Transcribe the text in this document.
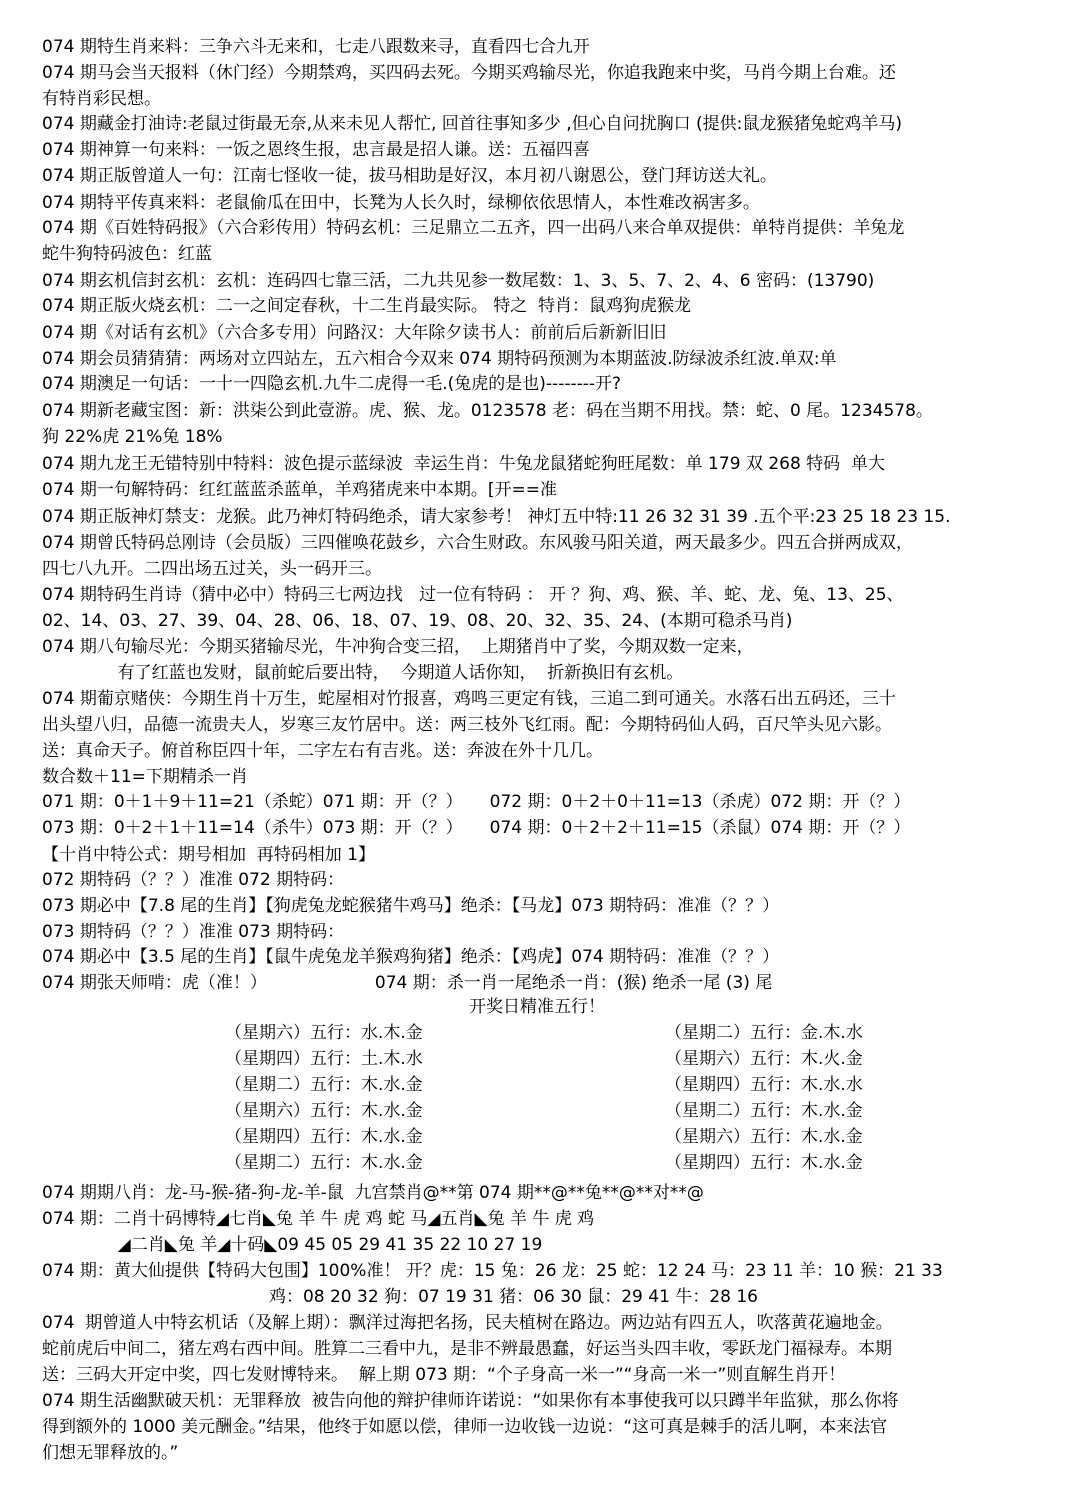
074 期特生肖来料：三争六斗无来和，七走八跟数来寻，直看四七合九开
074 期马会当天报料（休门经）今期禁鸡，买四码去死。今期买鸡输尽光，你追我跑来中奖，马肖今期上台难。还
有特肖彩民想。
074 期藏金打油诗:老鼠过街最无奈,从来未见人帮忙, 回首往事知多少 ,但心自问扰胸口 (提供:鼠龙猴猪兔蛇鸡羊马)
074 期神算一句来料：一饭之恩终生报，忠言最是招人谦。送：五福四喜
074 期正版曾道人一句：江南七怪收一徒，拔马相助是好汉，本月初八谢恩公，登门拜访送大礼。
074 期特平传真来料：老鼠偷瓜在田中，长凳为人长久时，绿柳依依思情人，本性难改祸害多。
074 期《百姓特码报》（六合彩传用）特码玄机：三足鼎立二五齐，四一出码八来合单双提供：单特肖提供：羊兔龙
蛇牛狗特码波色：红蓝
074 期玄机信封玄机：玄机：连码四七靠三活，二九共见参一数尾数：1、3、5、7、2、4、6 密码：(13790)
074 期正版火烧玄机：二一之间定春秋，十二生肖最实际。 特之  特肖：鼠鸡狗虎猴龙
074 期《对话有玄机》（六合多专用）问路汉：大年除夕读书人：前前后后新新旧旧
074 期会员猜猜猜：两场对立四站左，五六相合今双来 074 期特码预测为本期蓝波.防绿波杀红波.单双:单
074 期澳足一句话：一十一四隐玄机.九牛二虎得一毛.(兔虎的是也)--------开?
074 期新老藏宝图：新：洪柒公到此壹游。虎、猴、龙。0123578 老：码在当期不用找。禁：蛇、0 尾。1234578。
狗 22%虎 21%兔 18%
074 期九龙王无错特别中特料：波色提示蓝绿波  幸运生肖：牛兔龙鼠猪蛇狗旺尾数：单 179 双 268 特码  单大
074 期一句解特码：红红蓝蓝杀蓝单，羊鸡猪虎来中本期。[开==准
074 期正版神灯禁支：龙猴。此乃神灯特码绝杀，请大家参考！ 神灯五中特:11 26 32 31 39 .五个平:23 25 18 23 15.
074 期曾氏特码总刚诗（会员版）三四催唤花鼓乡，六合生财政。东风骏马阳关道，两天最多少。四五合拼两成双，
四七八九开。二四出场五过关，头一码开三。
074 期特码生肖诗（猜中必中）特码三七两边找   过一位有特码 ： 开 ？狗、鸡、猴、羊、蛇、龙、兔、13、25、
02、14、03、27、39、04、28、06、18、07、19、08、20、32、35、24、(本期可稳杀马肖)
074 期八句输尽光：今期买猪输尽光，牛冲狗合变三招，  上期猪肖中了奖，今期双数一定来，
有了红蓝也发财，鼠前蛇后要出特，  今期道人话你知，  折新换旧有玄机。
074 期葡京赌侠：今期生肖十万生，蛇屋相对竹报喜，鸡鸣三更定有钱，三追二到可通关。水落石出五码还，三十
出头望八归，品德一流贵夫人，岁寒三友竹居中。送：两三枝外飞红雨。配：今期特码仙人码，百尺竿头见六影。
送：真命天子。俯首称臣四十年，二字左右有吉兆。送：奔波在外十几几。
数合数＋11=下期精杀一肖
071 期：0＋1＋9＋11=21（杀蛇）071 期：开（？）     072 期：0＋2＋0＋11=13（杀虎）072 期：开（？）
073 期：0＋2＋1＋11=14（杀牛）073 期：开（？）     074 期：0＋2＋2＋11=15（杀鼠）074 期：开（？）
【十肖中特公式：期号相加  再特码相加 1】
072 期特码（？？）准准 072 期特码：
073 期必中【7.8 尾的生肖】【狗虎兔龙蛇猴猪牛鸡马】绝杀：【马龙】073 期特码：准准（？？）
073 期特码（？？）准准 073 期特码：
074 期必中【3.5 尾的生肖】【鼠牛虎兔龙羊猴鸡狗猪】绝杀：【鸡虎】074 期特码：准准（？？）
074 期张天师啃：虎（准！）                    074 期：杀一肖一尾绝杀一肖：(猴) 绝杀一尾 (3) 尾
开奖日精准五行！
（星期六）五行：水.木.金
（星期四）五行：土.木.水
（星期二）五行：木.水.金
（星期六）五行：木.水.金
（星期四）五行：木.水.金
（星期二）五行：木.水.金
（星期二）五行：金.木.水
（星期六）五行：木.火.金
（星期四）五行：木.水.水
（星期二）五行：木.水.金
（星期六）五行：木.水.金
（星期四）五行：木.水.金
074 期期八肖：龙-马-猴-猪-狗-龙-羊-鼠  九宫禁肖@**第 074 期**@**兔**@**对**@
074 期：二肖十码博特◢七肖◣兔 羊 牛 虎 鸡 蛇 马◢五肖◣兔 羊 牛 虎 鸡
◢二肖◣兔 羊◢十码◣09 45 05 29 41 35 22 10 27 19
074 期：黄大仙提供【特码大包围】100%准！ 开？虎：15 兔：26 龙：25 蛇：12 24 马：23 11 羊：10 猴：21 33
鸡：08 20 32 狗：07 19 31 猪：06 30 鼠：29 41 牛：28 16
074  期曾道人中特玄机话（及解上期）：飘洋过海把名扬，民夫植树在路边。两边站有四五人，吹落黄花遍地金。
蛇前虎后中间二，猪左鸡右西中间。胜算二三看中九，是非不辨最愚蠢，好运当头四丰收，零跃龙门福禄寿。本期
送：三码大开定中奖，四七发财博特来。  解上期 073 期：“个子身高一米一”“身高一米一”则直解生肖开！
074 期生活幽默破天机：无罪释放  被告向他的辩护律师许诺说：“如果你有本事使我可以只蹲半年监狱，那么你将
得到额外的 1000 美元酬金。”结果，他终于如愿以偿，律师一边收钱一边说：“这可真是棘手的活儿啊，本来法官
们想无罪释放的。”
